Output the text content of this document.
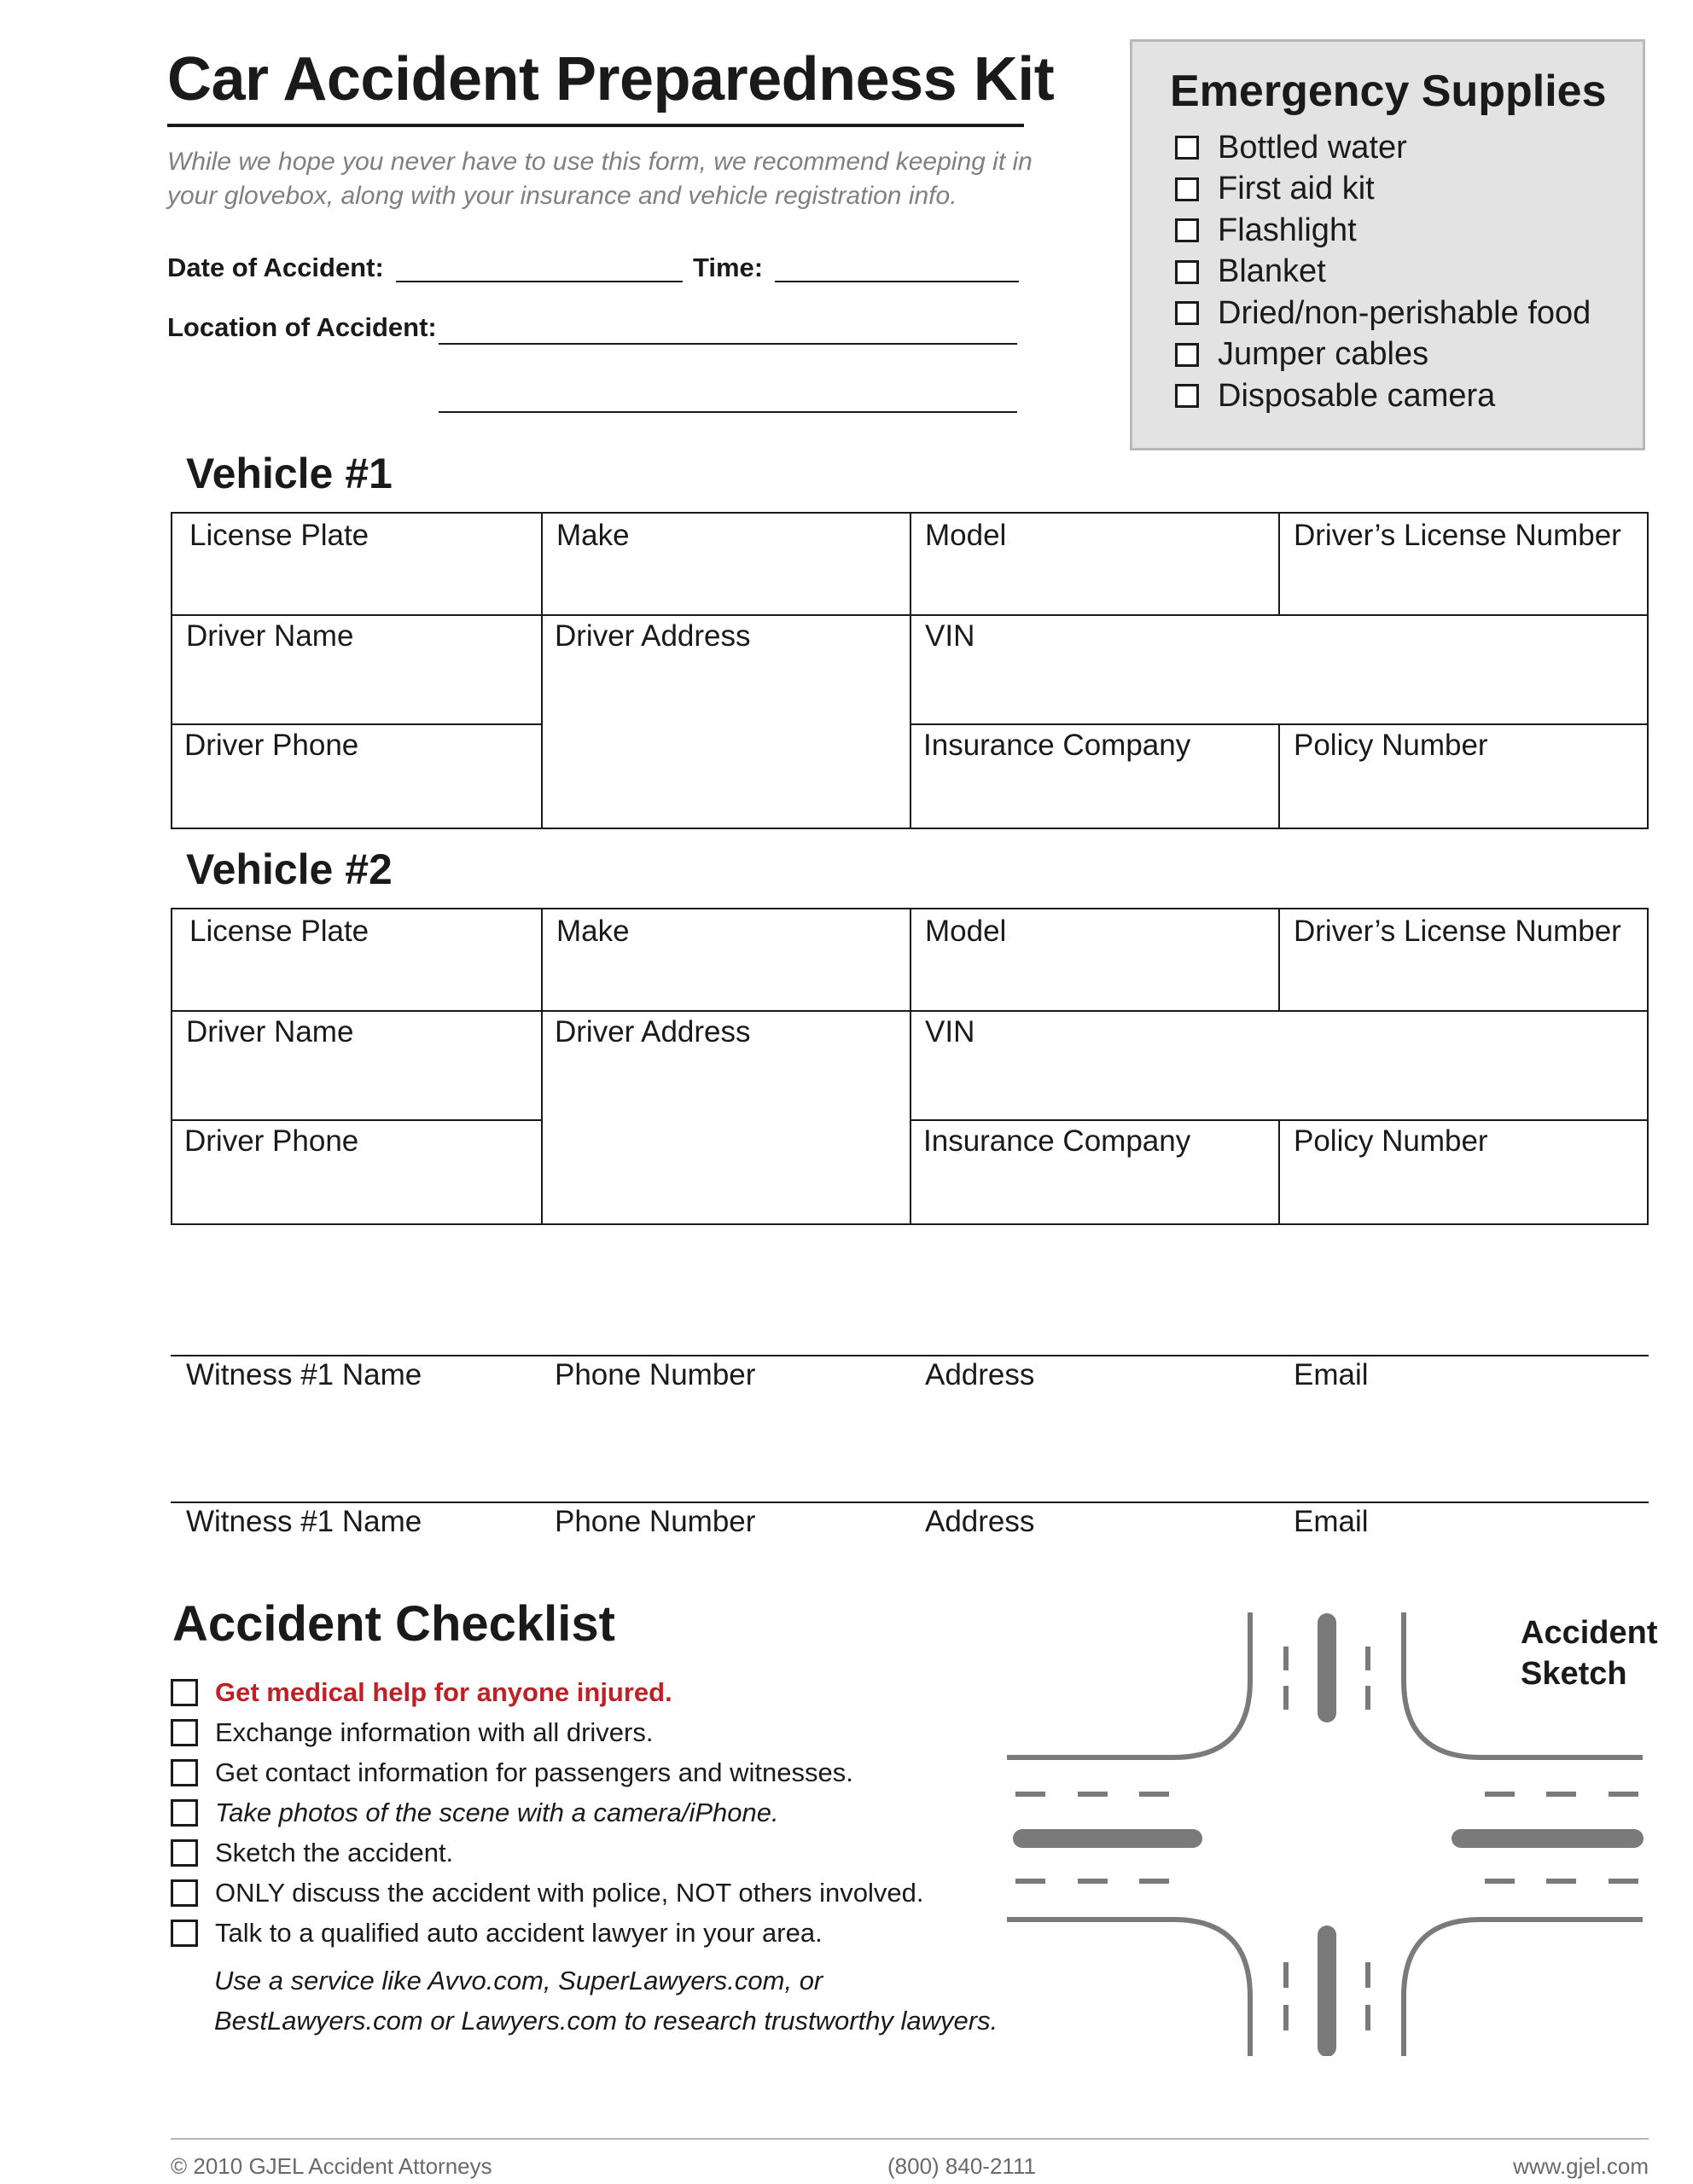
Car Accident Preparedness Kit
While we hope you never have to use this form, we recommend keeping it in
your glovebox, along with your insurance and vehicle registration info.
Date of Accident:	Time:
Location of Accident:
Emergency Supplies
Bottled water
First aid kit
Flashlight
Blanket
Dried/non-perishable food
Jumper cables
Disposable camera
Vehicle #1
License Plate	Make	Model	Driver’s License Number
Driver Name	Driver Address	VIN
Driver Phone	Insurance Company	Policy Number
Vehicle #2
License Plate	Make	Model	Driver’s License Number
Driver Name	Driver Address	VIN
Driver Phone	Insurance Company	Policy Number
Witness #1 Name	Phone Number	Address	Email
Witness #1 Name	Phone Number	Address	Email
Accident Checklist
Get medical help for anyone injured.
Exchange information with all drivers.
Get contact information for passengers and witnesses.
Take photos of the scene with a camera/iPhone.
Sketch the accident.
ONLY discuss the accident with police, NOT others involved.
Talk to a qualified auto accident lawyer in your area.
Use a service like Avvo.com, SuperLawyers.com, or
BestLawyers.com or Lawyers.com to research trustworthy lawyers.
Accident
Sketch
© 2010 GJEL Accident Attorneys	(800) 840-2111	www.gjel.com
